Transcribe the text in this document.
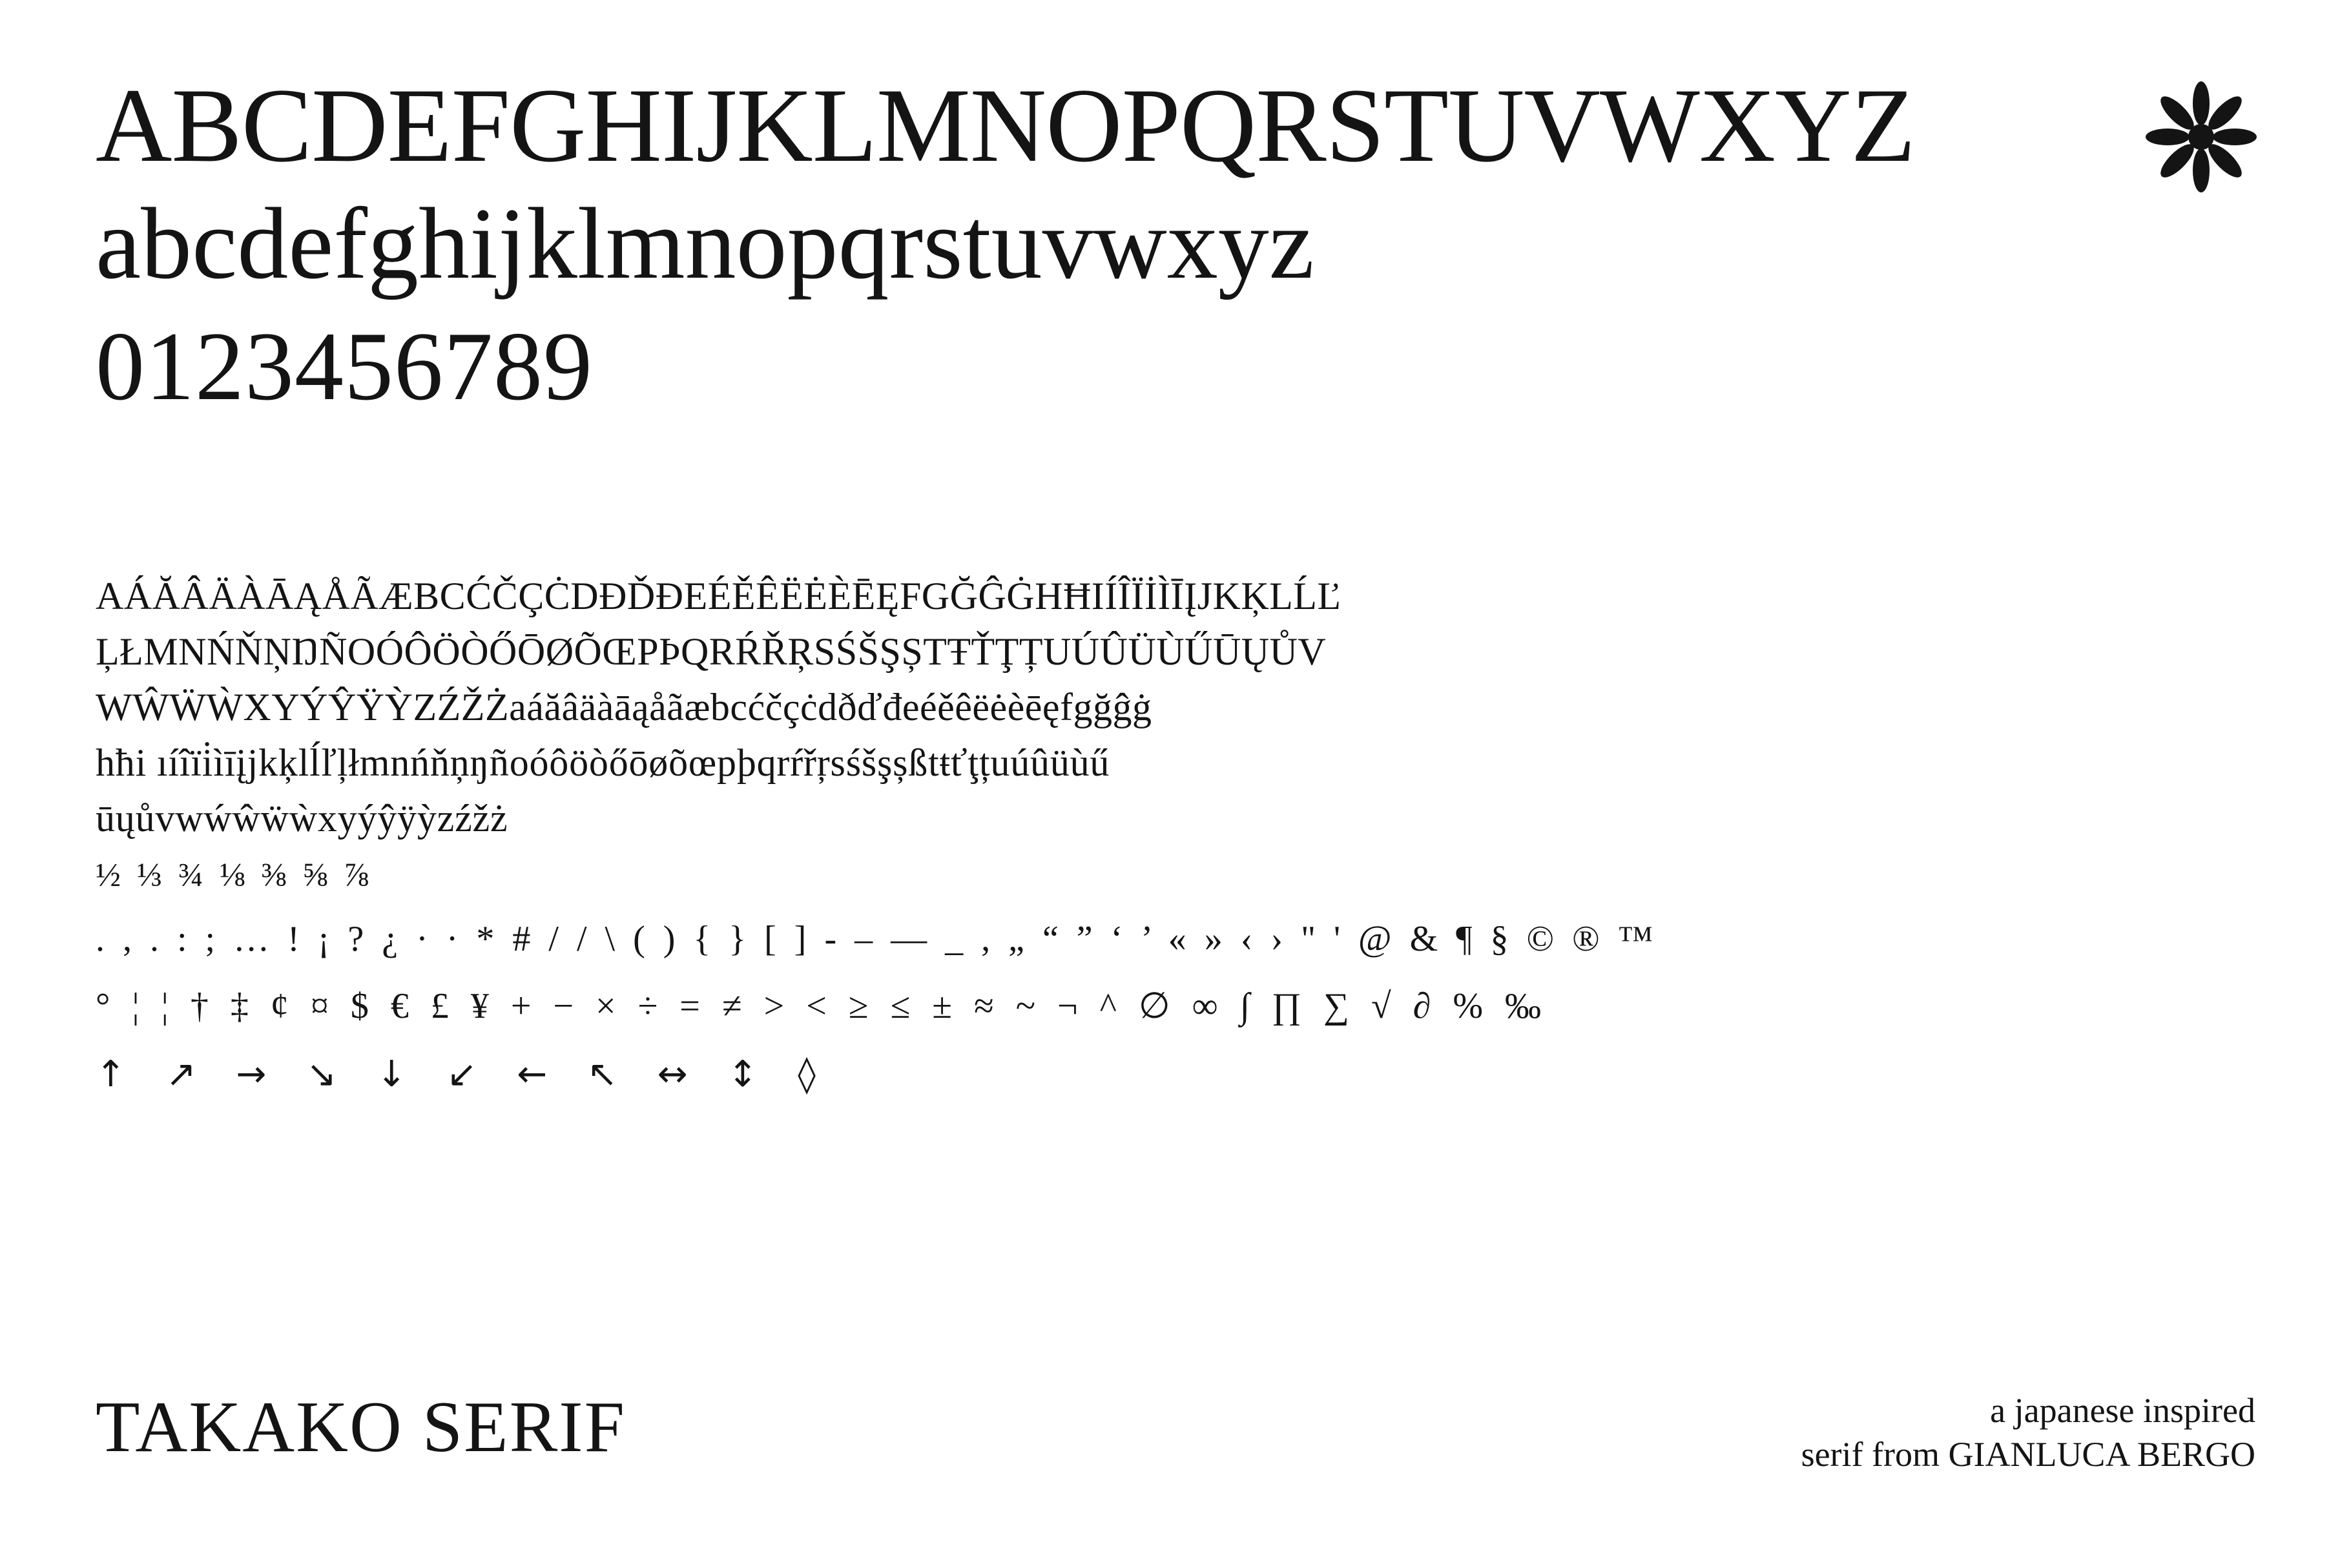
ABCDEFGHIJKLMNOPQRSTUVWXYZ
abcdefghijklmnopqrstuvwxyz
0123456789
AÁĂÂÄÀĀĄÅÃÆBCĆČÇĊDÐĎĐEÉĚÊËĖÈĒĘFGĞĜĠHĦIÍÎÏİÌĪĮJKĶLĹĽ
ĻŁMNŃŇŅŊÑOÓÔÖÒŐŌØÕŒPÞQRŔŘŖSŚŠŞȘTŦŤŢȚUÚÛÜÙŰŪŲŮV
WŴẄẀXYÝŶŸỲZŹŽŻaáăâäàāąåãæbcćčçċdðďđeéěêëėèēęfgğĝġ
hħi ıíîïi̇ìīįjkķlĺľļłmnńňņŋñoóôöòőōøõœpþqrŕřŗsśšşșßtŧťţțuúûüùű
ūųůvwẃŵẅẁxyýŷÿỳzźžż
½ ⅓ ¾ ⅛ ⅜ ⅝ ⅞
. , . : ; … ! ¡ ? ¿ · · * # / / \ ( ) { } [ ] - – — _ , „ “ ” ‘ ’ « » ‹ › " ' @ & ¶ § © ® ™
° ¦ ¦ † ‡ ¢ ¤ $ € £ ¥ + − × ÷ = ≠ > < ≥ ≤ ± ≈ ~ ¬ ^ ∅ ∞ ∫ ∏ ∑ √ ∂ % ‰
↑ ↗ → ↘ ↓ ↙ ← ↖ ↔ ↕ ◊
TAKAKO SERIF	a japanese inspired
serif from GIANLUCA BERGO
